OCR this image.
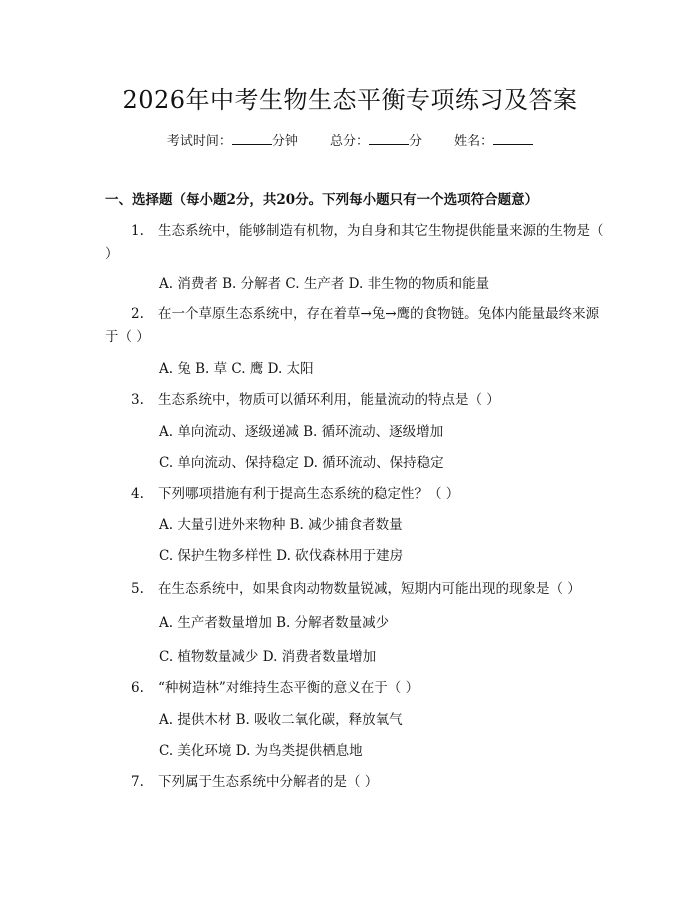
2026年中考生物生态平衡专项练习及答案
考试时间：	分钟 总分：	分 姓名：
一、选择题（每小题2分，共20分。下列每小题只有一个选项符合题意）
1. 生态系统中，能够制造有机物，为自身和其它生物提供能量来源的生物是（ ）
A. 消费者 B. 分解者 C. 生产者 D. 非生物的物质和能量
2. 在一个草原生态系统中，存在着草→兔→鹰的食物链。兔体内能量最终来源于（ ）
A. 兔 B. 草 C. 鹰 D. 太阳
3. 生态系统中，物质可以循环利用，能量流动的特点是（ ）
A. 单向流动、逐级递减 B. 循环流动、逐级增加
C. 单向流动、保持稳定 D. 循环流动、保持稳定
4. 下列哪项措施有利于提高生态系统的稳定性？（ ）
A. 大量引进外来物种 B. 减少捕食者数量
C. 保护生物多样性 D. 砍伐森林用于建房
5. 在生态系统中，如果食肉动物数量锐减，短期内可能出现的现象是（ ）
A. 生产者数量增加 B. 分解者数量减少
C. 植物数量减少 D. 消费者数量增加
6. “种树造林”对维持生态平衡的意义在于（ ）
A. 提供木材 B. 吸收二氧化碳，释放氧气
C. 美化环境 D. 为鸟类提供栖息地
7. 下列属于生态系统中分解者的是（ ）
